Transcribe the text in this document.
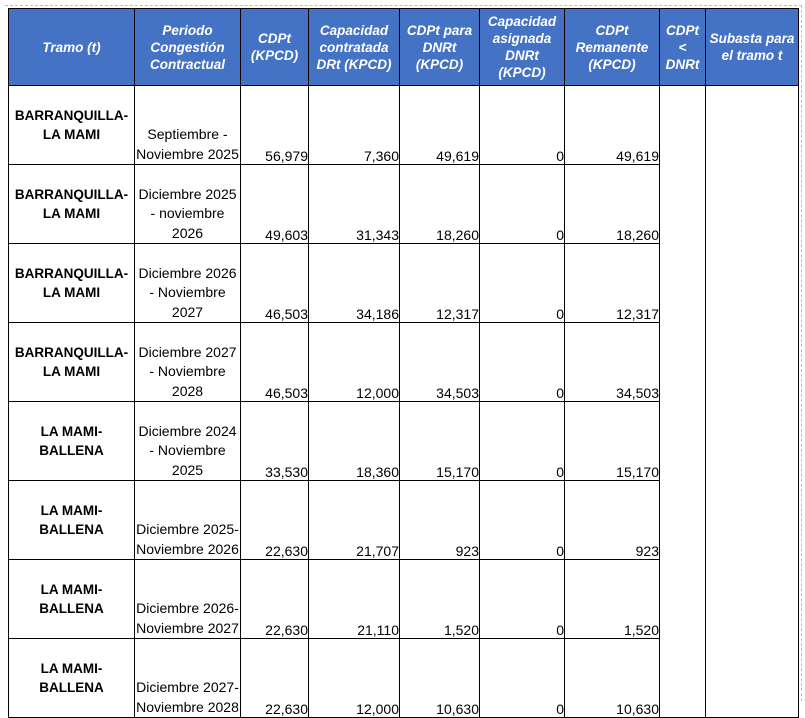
Tramo (t)	Periodo Congestión Contractual	CDPt (KPCD)	Capacidad contratada DRt (KPCD)	CDPt para DNRt (KPCD)	Capacidad asignada DNRt (KPCD)	CDPt Remanente (KPCD)	CDPt < DNRt	Subasta para el tramo t
BARRANQUILLA-LA MAMI	Septiembre - Noviembre 2025	56,979	7,360	49,619	0	49,619		
BARRANQUILLA-LA MAMI	Diciembre 2025 - noviembre 2026	49,603	31,343	18,260	0	18,260		
BARRANQUILLA-LA MAMI	Diciembre 2026 - Noviembre 2027	46,503	34,186	12,317	0	12,317		
BARRANQUILLA-LA MAMI	Diciembre 2027 - Noviembre 2028	46,503	12,000	34,503	0	34,503		
LA MAMI-BALLENA	Diciembre 2024 - Noviembre 2025	33,530	18,360	15,170	0	15,170		
LA MAMI-BALLENA	Diciembre 2025- Noviembre 2026	22,630	21,707	923	0	923		
LA MAMI-BALLENA	Diciembre 2026- Noviembre 2027	22,630	21,110	1,520	0	1,520		
LA MAMI-BALLENA	Diciembre 2027- Noviembre 2028	22,630	12,000	10,630	0	10,630		
